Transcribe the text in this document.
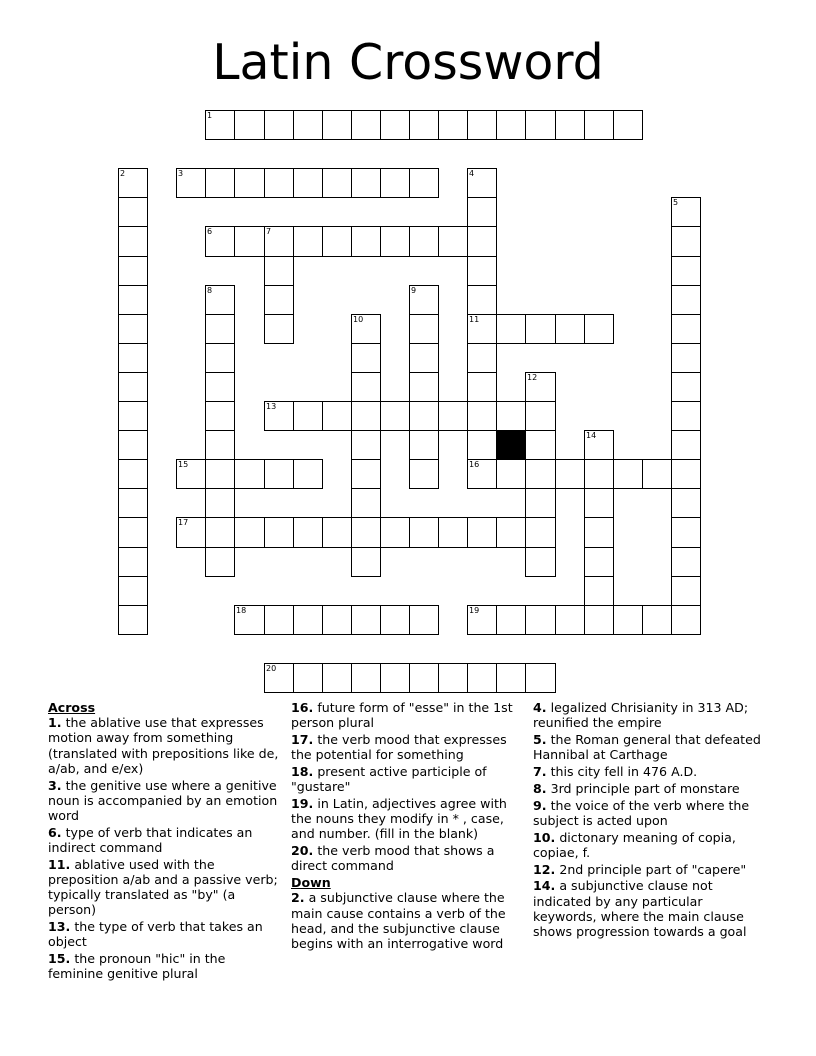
Latin Crossword
1
2	3	4
5
6	7
8	9
10	11
12
13
14
15	16
17
18	19
20
Across
1. the ablative use that expresses motion away from something (translated with prepositions like de, a/ab, and e/ex)
3. the genitive use where a genitive noun is accompanied by an emotion word
6. type of verb that indicates an indirect command
11. ablative used with the preposition a/ab and a passive verb; typically translated as "by" (a person)
13. the type of verb that takes an object
15. the pronoun "hic" in the feminine genitive plural
16. future form of "esse" in the 1st person plural
17. the verb mood that expresses the potential for something
18. present active participle of "gustare"
19. in Latin, adjectives agree with the nouns they modify in * , case, and number. (fill in the blank)
20. the verb mood that shows a direct command
Down
2. a subjunctive clause where the main cause contains a verb of the head, and the subjunctive clause begins with an interrogative word
4. legalized Chrisianity in 313 AD; reunified the empire
5. the Roman general that defeated Hannibal at Carthage
7. this city fell in 476 A.D.
8. 3rd principle part of monstare
9. the voice of the verb where the subject is acted upon
10. dictonary meaning of copia, copiae, f.
12. 2nd principle part of "capere"
14. a subjunctive clause not indicated by any particular keywords, where the main clause shows progression towards a goal
